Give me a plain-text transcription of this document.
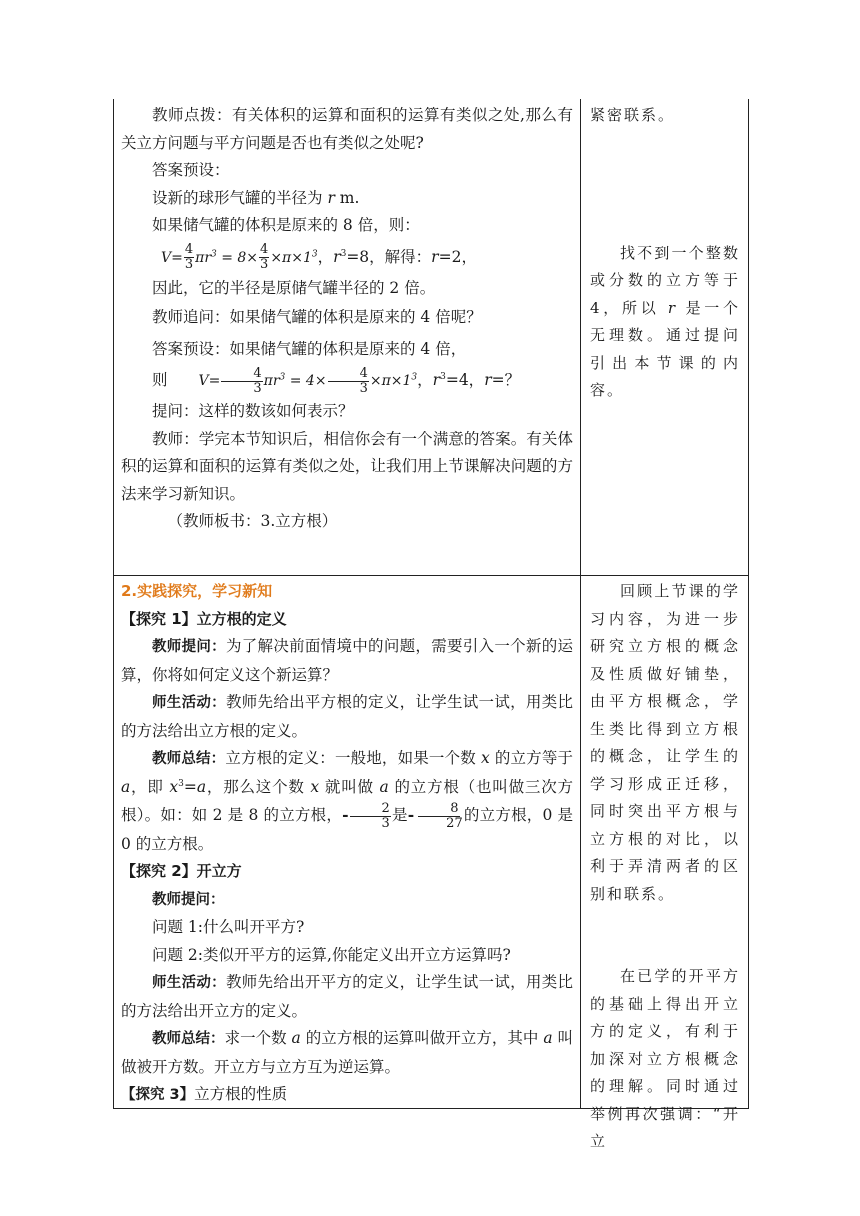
教师点拨：有关体积的运算和面积的运算有类似之处,那么有关立方问题与平方问题是否也有类似之处呢?

答案预设：

设新的球形气罐的半径为 r m.

如果储气罐的体积是原来的 8 倍，则：

$V= \frac{4}{3} \pi r^3 = 8\times \frac{4}{3} \times\pi\times 1^3$，$r^3=8$，解得：r=2，

因此，它的半径是原储气罐半径的 2 倍。

教师追问：如果储气罐的体积是原来的 4 倍呢？

答案预设：如果储气罐的体积是原来的 4 倍，

则 $V= \frac{4}{3} \pi r^3 = 4\times \frac{4}{3} \times\pi\times 1^3$，$r^3=4$，r=？

提问：这样的数该如何表示？

教师：学完本节知识后，相信你会有一个满意的答案。有关体积的运算和面积的运算有类似之处，让我们用上节课解决问题的方法来学习新知识。

（教师板书：3.立方根）

紧密联系。

找不到一个整数或分数的立方等于 4，所以 r 是一个无理数。通过提问引出本节课的内容。

2.实践探究，学习新知

【探究 1】立方根的定义

教师提问：为了解决前面情境中的问题，需要引入一个新的运算，你将如何定义这个新运算？

师生活动：教师先给出平方根的定义，让学生试一试，用类比的方法给出立方根的定义。

教师总结：立方根的定义：一般地，如果一个数 x 的立方等于 a，即 $x^3=a$，那么这个数 x 就叫做 a 的立方根（也叫做三次方根）。如：如 2 是 8 的立方根，- $\frac{2}{3}$ 是- $\frac{8}{27}$ 的立方根，0 是 0 的立方根。

【探究 2】开立方

教师提问：

问题 1:什么叫开平方?

问题 2:类似开平方的运算,你能定义出开立方运算吗?

师生活动：教师先给出开平方的定义，让学生试一试，用类比的方法给出开立方的定义。

教师总结：求一个数 a 的立方根的运算叫做开立方，其中 a 叫做被开方数。开立方与立方互为逆运算。

【探究 3】立方根的性质

回顾上节课的学习内容，为进一步研究立方根的概念及性质做好铺垫，由平方根概念，学生类比得到立方根的概念，让学生的学习形成正迁移，同时突出平方根与立方根的对比，以利于弄清两者的区别和联系。

在已学的开平方的基础上得出开立方的定义，有利于加深对立方根概念的理解。同时通过举例再次强调：“开立
